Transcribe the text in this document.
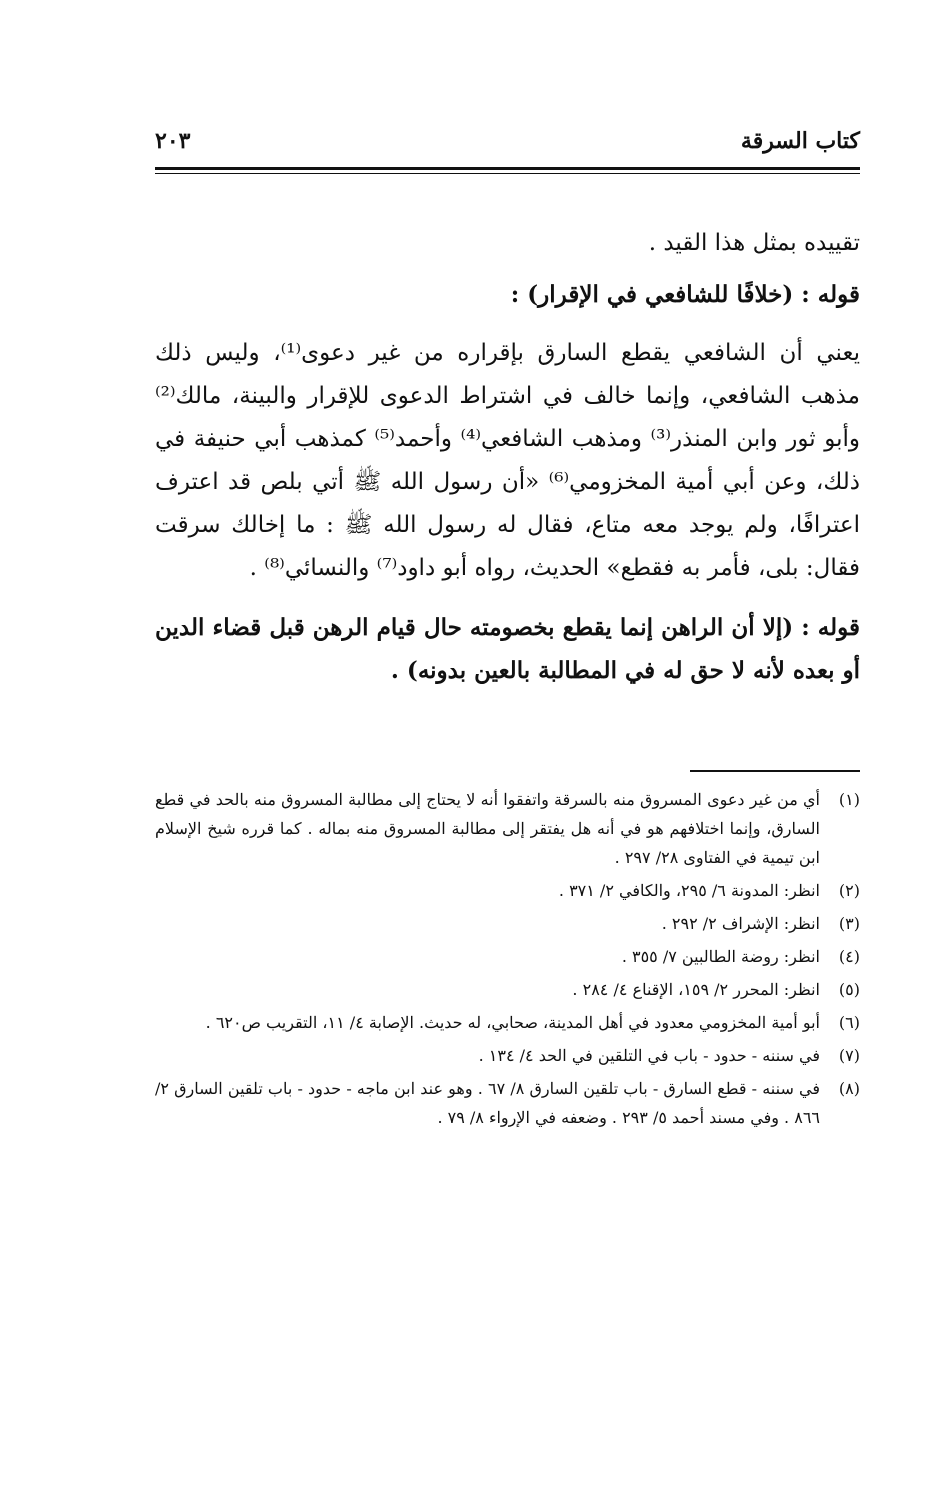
كتاب السرقة
٢٠٣

تقييده بمثل هذا القيد .

قوله : (خلافًا للشافعي في الإقرار) :

يعني أن الشافعي يقطع السارق بإقراره من غير دعوى⁽¹⁾، وليس ذلك مذهب الشافعي، وإنما خالف في اشتراط الدعوى للإقرار والبينة، مالك⁽²⁾ وأبو ثور وابن المنذر⁽³⁾ ومذهب الشافعي⁽⁴⁾ وأحمد⁽⁵⁾ كمذهب أبي حنيفة في ذلك، وعن أبي أمية المخزومي⁽⁶⁾ «أن رسول الله ﷺ أتي بلص قد اعترف اعترافًا، ولم يوجد معه متاع، فقال له رسول الله ﷺ : ما إخالك سرقت فقال: بلى، فأمر به فقطع» الحديث، رواه أبو داود⁽⁷⁾ والنسائي⁽⁸⁾ .

قوله : (إلا أن الراهن إنما يقطع بخصومته حال قيام الرهن قبل قضاء الدين أو بعده لأنه لا حق له في المطالبة بالعين بدونه) .

(١)
أي من غير دعوى المسروق منه بالسرقة واتفقوا أنه لا يحتاج إلى مطالبة المسروق منه بالحد في قطع السارق، وإنما اختلافهم هو في أنه هل يفتقر إلى مطالبة المسروق منه بماله . كما قرره شيخ الإسلام ابن تيمية في الفتاوى ٢٨/ ٢٩٧ .
(٢)
انظر: المدونة ٦/ ٢٩٥، والكافي ٢/ ٣٧١ .
(٣)
انظر: الإشراف ٢/ ٢٩٢ .
(٤)
انظر: روضة الطالبين ٧/ ٣٥٥ .
(٥)
انظر: المحرر ٢/ ١٥٩، الإقناع ٤/ ٢٨٤ .
(٦)
أبو أمية المخزومي معدود في أهل المدينة، صحابي، له حديث. الإصابة ٤/ ١١، التقريب ص٦٢٠ .
(٧)
في سننه - حدود - باب في التلقين في الحد ٤/ ١٣٤ .
(٨)
في سننه - قطع السارق - باب تلقين السارق ٨/ ٦٧ . وهو عند ابن ماجه - حدود - باب تلقين السارق ٢/ ٨٦٦ . وفي مسند أحمد ٥/ ٢٩٣ . وضعفه في الإرواء ٨/ ٧٩ .
